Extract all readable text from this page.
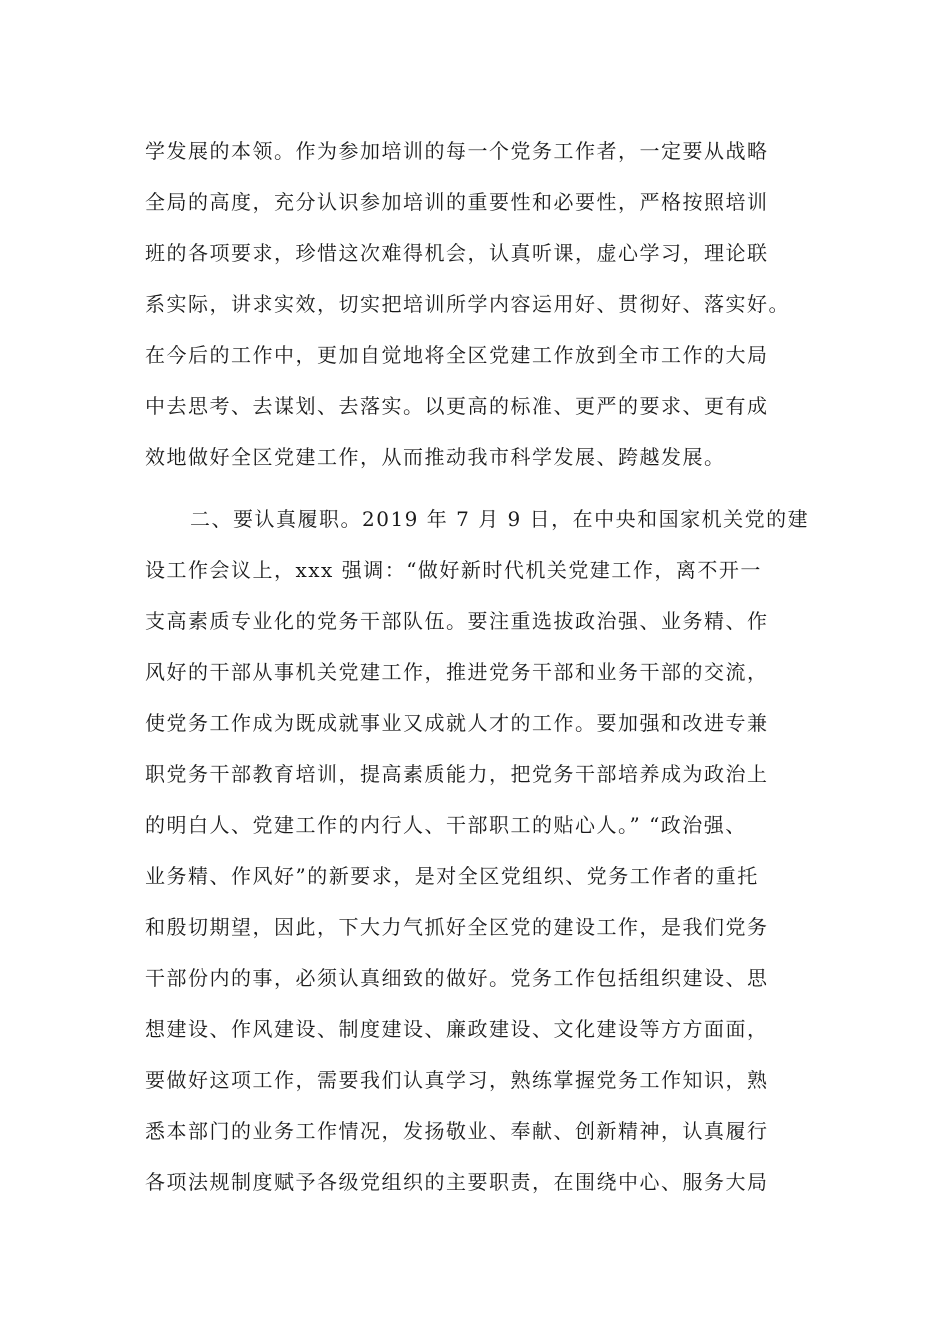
学发展的本领。作为参加培训的每一个党务工作者，一定要从战略
全局的高度，充分认识参加培训的重要性和必要性，严格按照培训
班的各项要求，珍惜这次难得机会，认真听课，虚心学习，理论联
系实际，讲求实效，切实把培训所学内容运用好、贯彻好、落实好。
在今后的工作中，更加自觉地将全区党建工作放到全市工作的大局
中去思考、去谋划、去落实。以更高的标准、更严的要求、更有成
效地做好全区党建工作，从而推动我市科学发展、跨越发展。
二、要认真履职。2019 年 7 月 9 日，在中央和国家机关党的建
设工作会议上，xxx 强调：“做好新时代机关党建工作，离不开一
支高素质专业化的党务干部队伍。要注重选拔政治强、业务精、作
风好的干部从事机关党建工作，推进党务干部和业务干部的交流，
使党务工作成为既成就事业又成就人才的工作。要加强和改进专兼
职党务干部教育培训，提高素质能力，把党务干部培养成为政治上
的明白人、党建工作的内行人、干部职工的贴心人。” “政治强、
业务精、作风好”的新要求，是对全区党组织、党务工作者的重托
和殷切期望，因此，下大力气抓好全区党的建设工作，是我们党务
干部份内的事，必须认真细致的做好。党务工作包括组织建设、思
想建设、作风建设、制度建设、廉政建设、文化建设等方方面面，
要做好这项工作，需要我们认真学习，熟练掌握党务工作知识，熟
悉本部门的业务工作情况，发扬敬业、奉献、创新精神，认真履行
各项法规制度赋予各级党组织的主要职责，在围绕中心、服务大局
